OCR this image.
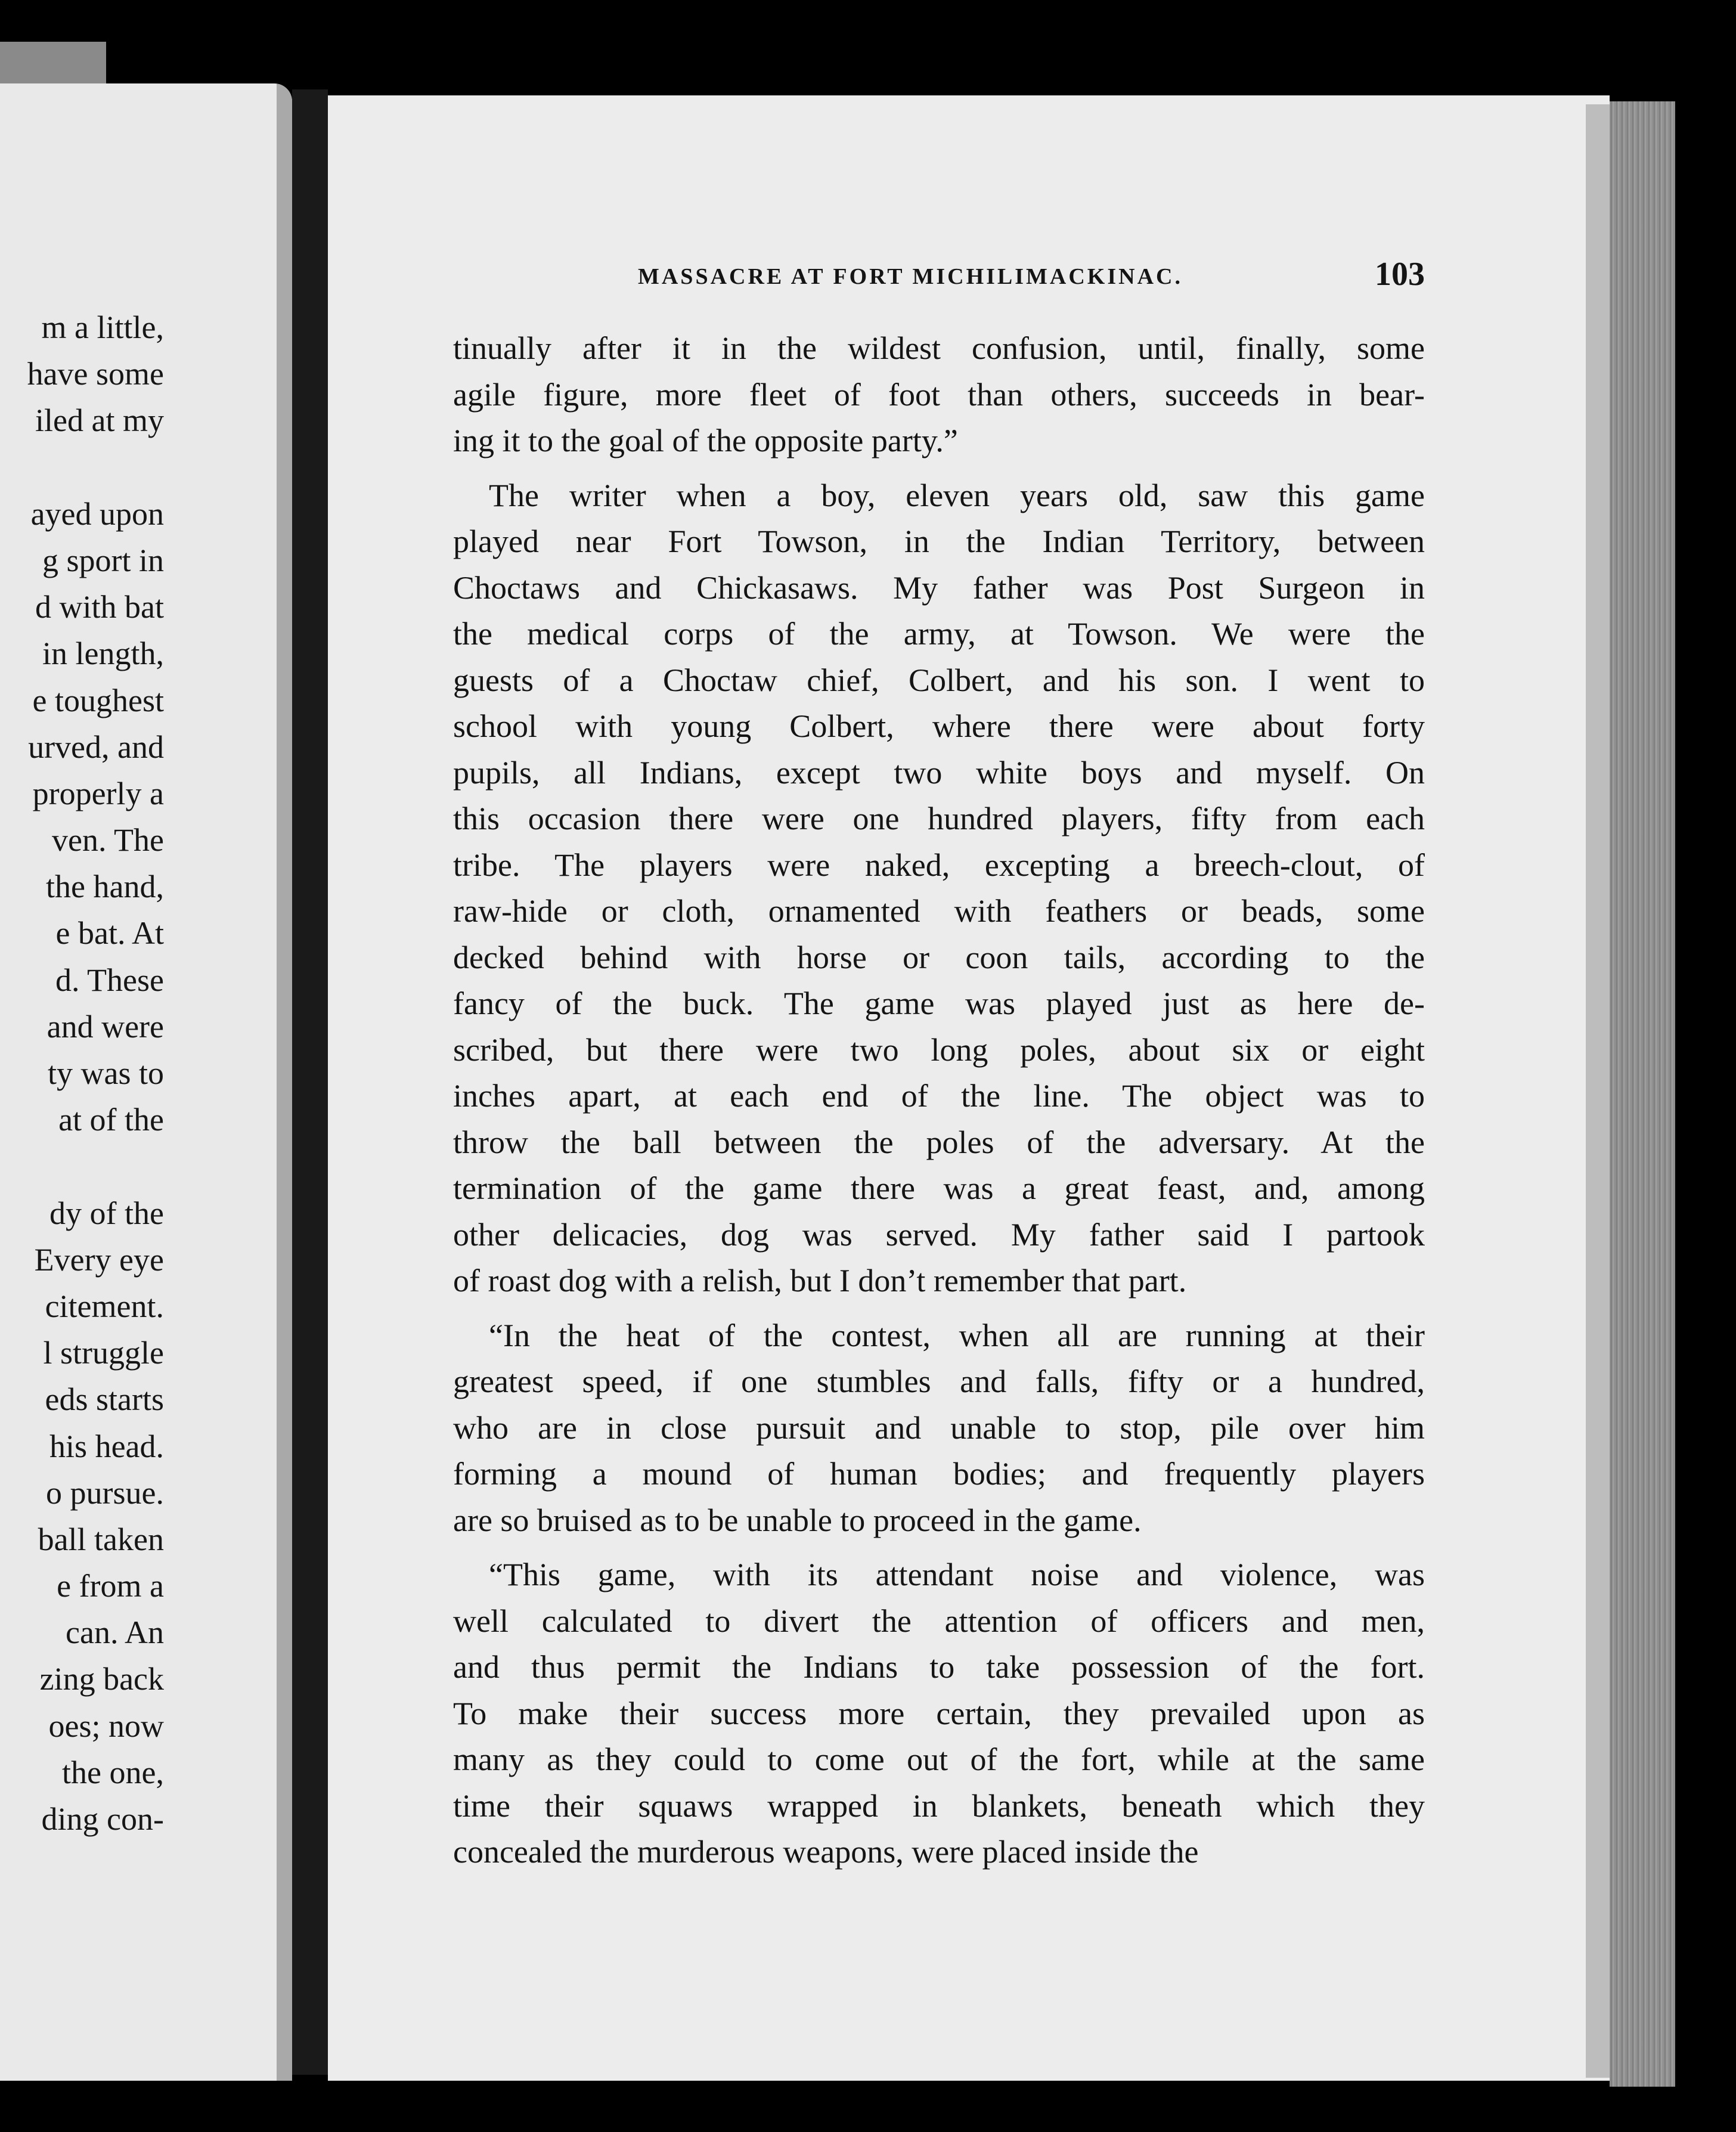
m a little,
have some
iled at my
ayed upon
g sport in
d with bat
in length,
e toughest
urved, and
properly a
ven. The
the hand,
e bat. At
d. These
and were
ty was to
at of the
dy of the
Every eye
citement.
l struggle
eds starts
his head.
o pursue.
ball taken
e from a
can. An
zing back
oes; now
the one,
ding con-
MASSACRE AT FORT MICHILIMACKINAC.	103
tinually after it in the wildest confusion, until, finally, some
agile figure, more fleet of foot than others, succeeds in bear-
ing it to the goal of the opposite party.”
The writer when a boy, eleven years old, saw this game
played near Fort Towson, in the Indian Territory, between
Choctaws and Chickasaws. My father was Post Surgeon in
the medical corps of the army, at Towson. We were the
guests of a Choctaw chief, Colbert, and his son. I went to
school with young Colbert, where there were about forty
pupils, all Indians, except two white boys and myself. On
this occasion there were one hundred players, fifty from each
tribe. The players were naked, excepting a breech-clout, of
raw-hide or cloth, ornamented with feathers or beads, some
decked behind with horse or coon tails, according to the
fancy of the buck. The game was played just as here de-
scribed, but there were two long poles, about six or eight
inches apart, at each end of the line. The object was to
throw the ball between the poles of the adversary. At the
termination of the game there was a great feast, and, among
other delicacies, dog was served. My father said I partook
of roast dog with a relish, but I don’t remember that part.
“In the heat of the contest, when all are running at their
greatest speed, if one stumbles and falls, fifty or a hundred,
who are in close pursuit and unable to stop, pile over him
forming a mound of human bodies; and frequently players
are so bruised as to be unable to proceed in the game.
“This game, with its attendant noise and violence, was
well calculated to divert the attention of officers and men,
and thus permit the Indians to take possession of the fort.
To make their success more certain, they prevailed upon as
many as they could to come out of the fort, while at the same
time their squaws wrapped in blankets, beneath which they
concealed the murderous weapons, were placed inside the
